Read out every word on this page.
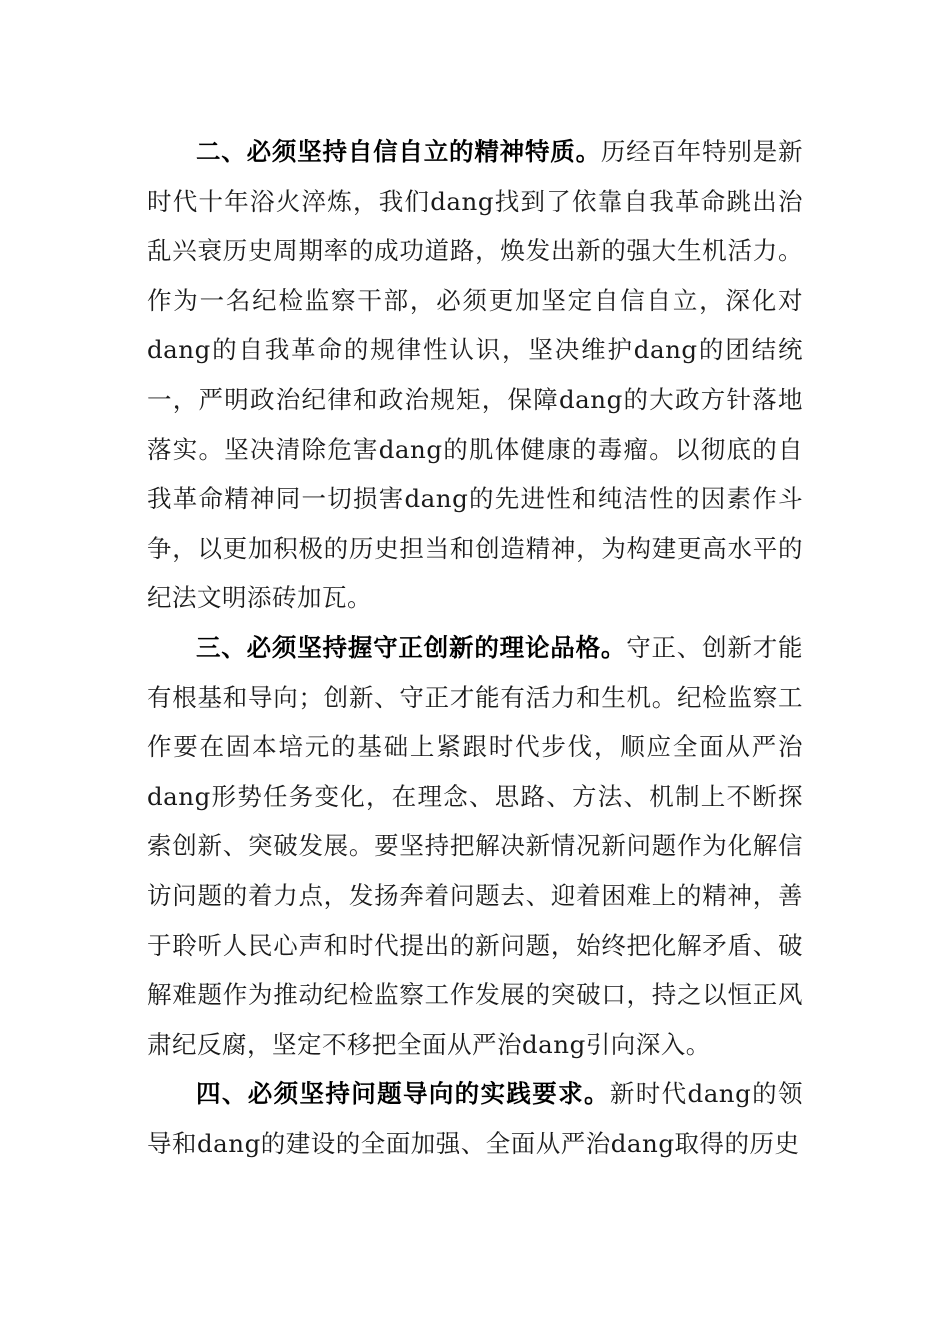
二、必须坚持自信自立的精神特质。历经百年特别是新时代十年浴火淬炼，我们dang找到了依靠自我革命跳出治乱兴衰历史周期率的成功道路，焕发出新的强大生机活力。作为一名纪检监察干部，必须更加坚定自信自立，深化对dang的自我革命的规律性认识，坚决维护dang的团结统一，严明政治纪律和政治规矩，保障dang的大政方针落地落实。坚决清除危害dang的肌体健康的毒瘤。以彻底的自我革命精神同一切损害dang的先进性和纯洁性的因素作斗争，以更加积极的历史担当和创造精神，为构建更高水平的纪法文明添砖加瓦。

三、必须坚持握守正创新的理论品格。守正、创新才能有根基和导向；创新、守正才能有活力和生机。纪检监察工作要在固本培元的基础上紧跟时代步伐，顺应全面从严治dang形势任务变化，在理念、思路、方法、机制上不断探索创新、突破发展。要坚持把解决新情况新问题作为化解信访问题的着力点，发扬奔着问题去、迎着困难上的精神，善于聆听人民心声和时代提出的新问题，始终把化解矛盾、破解难题作为推动纪检监察工作发展的突破口，持之以恒正风肃纪反腐，坚定不移把全面从严治dang引向深入。

四、必须坚持问题导向的实践要求。新时代dang的领导和dang的建设的全面加强、全面从严治dang取得的历史
